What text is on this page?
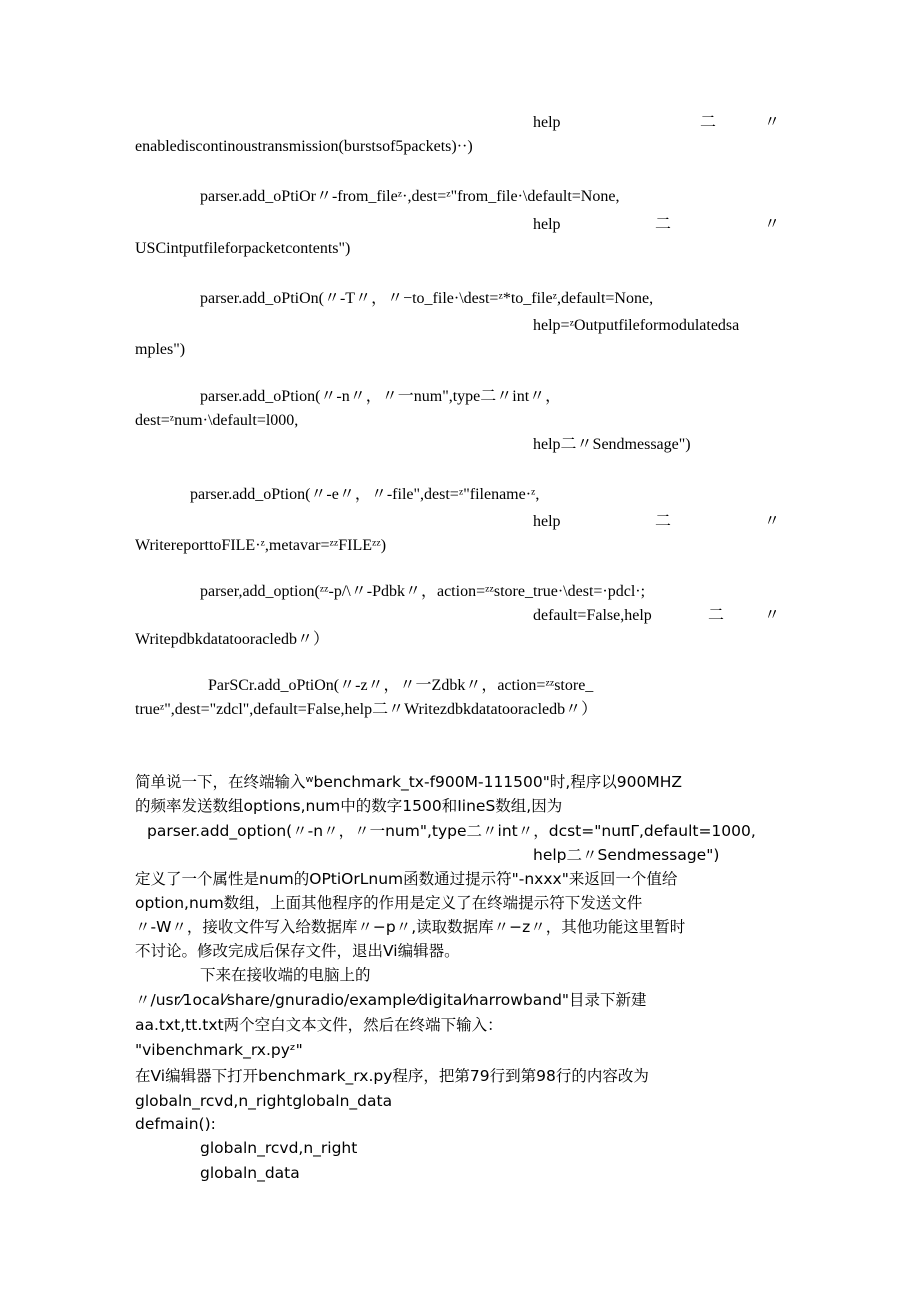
help	二	〃
enablediscontinoustransmission(burstsof5packets)··)
parser.add_oPtiOr〃-from_fileᶻ·,dest=ᶻ"from_file·\default=None,
help	二	〃
USCintputfileforpacketcontents")
parser.add_oPtiOn(〃-T〃，〃−to_file·\dest=ᶻ*to_fileᶻ,default=None,
help=ᶻOutputfileformodulatedsa
mples")
parser.add_oPtion(〃-n〃，〃一num",type二〃int〃，
dest=ᶻnum·\default=l000,
help二〃Sendmessage")
parser.add_oPtion(〃-e〃，〃-file",dest=ᶻ"filename·ᶻ,
help	二	〃
WritereporttoFILE·ᶻ,metavar=ᶻᶻFILEᶻᶻ)
parser,add_option(ᶻᶻ-p/\〃-Pdbk〃，action=ᶻᶻstore_true·\dest=·pdcl·;
default=False,help	二 〃
Writepdbkdatatooracledb〃）
ParSCr.add_oPtiOn(〃-z〃，〃一Zdbk〃，action=ᶻᶻstore_
trueᶻ",dest="zdcl",default=False,help二〃Writezdbkdatatooracledb〃）
简单说一下，在终端输入ʷbenchmark_tx-f900M-111500"时,程序以900MHZ
的频率发送数组options,num中的数字1500和IineS数组,因为
parser.add_option(〃-n〃，〃一num",type二〃int〃，dcst="nuπΓ,default=1000,
help二〃Sendmessage")
定义了一个属性是num的OPtiOrLnum函数通过提示符"-nxxx"来返回一个值给
option,num数组，上面其他程序的作用是定义了在终端提示符下发送文件
〃-W〃，接收文件写入给数据库〃−p〃,读取数据库〃−z〃，其他功能这里暂时
不讨论。修改完成后保存文件，退出Vi编辑器。
下来在接收端的电脑上的
〃/usr⁄1ocal⁄share/gnuradio/example⁄digital⁄narrowband"目录下新建
aa.txt,tt.txt两个空白文本文件，然后在终端下输入：
"vibenchmark_rx.pyᶻ"
在Vi编辑器下打开benchmark_rx.py程序，把第79行到第98行的内容改为
globaln_rcvd,n_rightglobaln_data
defmain():
globaln_rcvd,n_right
globaln_data
